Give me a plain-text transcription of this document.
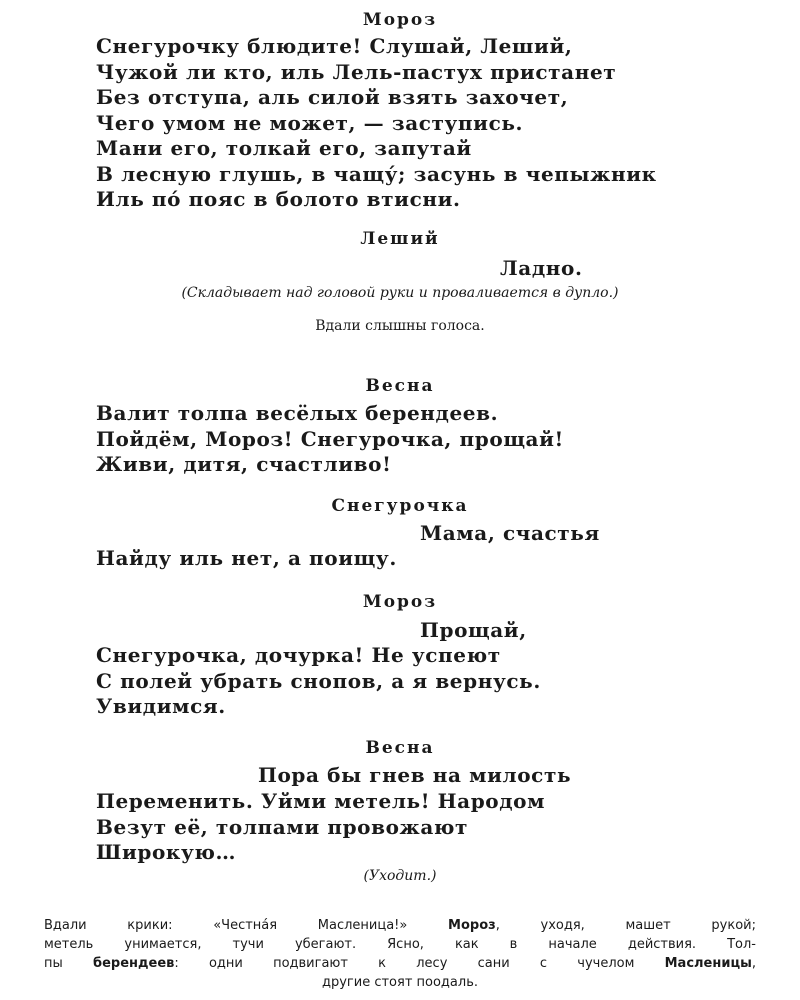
Мороз
Снегурочку блюдите! Слушай, Леший,
Чужой ли кто, иль Лель-пастух пристанет
Без отступа, аль силой взять захочет,
Чего умом не может, — заступись.
Мани его, толкай его, запутай
В лесную глушь, в чащу́; засунь в чепыжник
Иль по́ пояс в болото втисни.
Леший
Ладно.
(Складывает над головой руки и проваливается в дупло.)
Вдали слышны голоса.
Весна
Валит толпа весёлых берендеев.
Пойдём, Мороз! Снегурочка, прощай!
Живи, дитя, счастливо!
Снегурочка
Мама, счастья
Найду иль нет, а поищу.
Мороз
Прощай,
Снегурочка, дочурка! Не успеют
С полей убрать снопов, а я вернусь.
Увидимся.
Весна
Пора бы гнев на милость
Переменить. Уйми метель! Народом
Везут её, толпами провожают
Широкую…
(Уходит.)
Вдали крики: «Честна́я Масленица!» Мороз, уходя, машет рукой;
метель унимается, тучи убегают. Ясно, как в начале действия. Тол-
пы берендеев: одни подвигают к лесу сани с чучелом Масленицы,
другие стоят поодаль.
